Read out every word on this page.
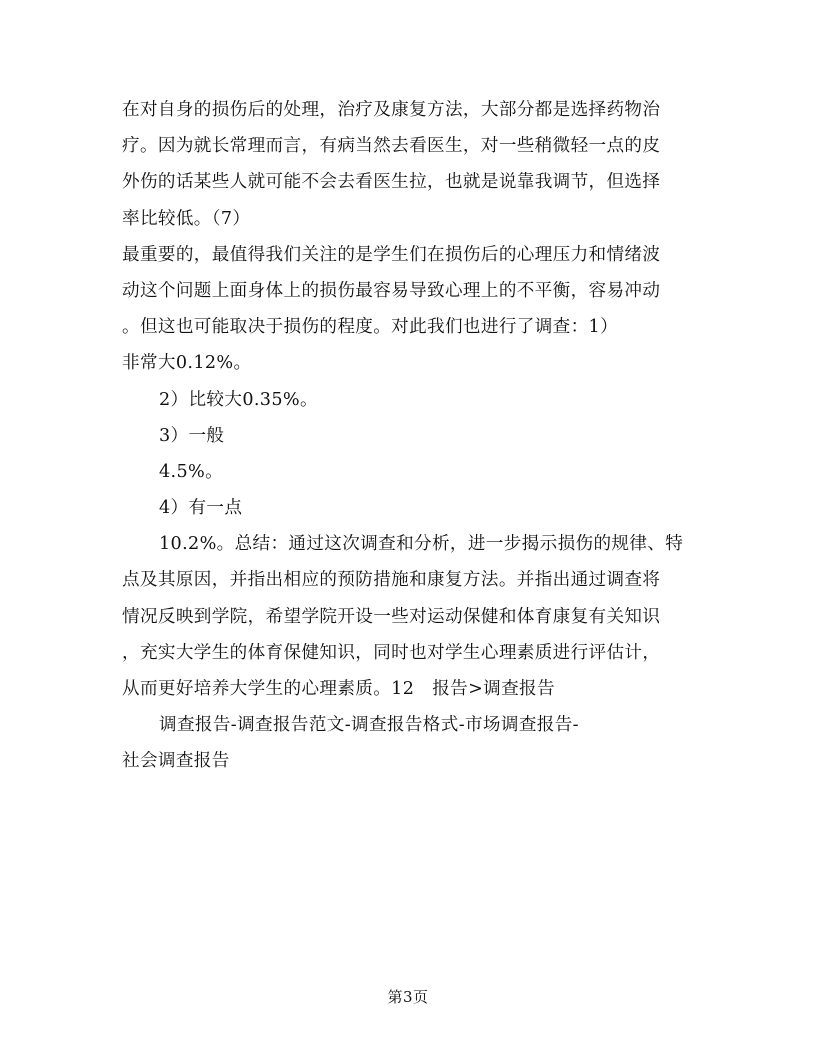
在对自身的损伤后的处理，治疗及康复方法，大部分都是选择药物治
疗。因为就长常理而言，有病当然去看医生，对一些稍微轻一点的皮
外伤的话某些人就可能不会去看医生拉，也就是说靠我调节，但选择
率比较低。（7）
最重要的，最值得我们关注的是学生们在损伤后的心理压力和情绪波
动这个问题上面身体上的损伤最容易导致心理上的不平衡，容易冲动
。但这也可能取决于损伤的程度。对此我们也进行了调查：1）
非常大0.12%。
2）比较大0.35%。
3）一般
4.5%。
4）有一点
10.2%。总结：通过这次调查和分析，进一步揭示损伤的规律、特
点及其原因，并指出相应的预防措施和康复方法。并指出通过调查将
情况反映到学院，希望学院开设一些对运动保健和体育康复有关知识
，充实大学生的体育保健知识，同时也对学生心理素质进行评估计，
从而更好培养大学生的心理素质。12　报告>调查报告
调查报告-调查报告范文-调查报告格式-市场调查报告-
社会调查报告
第3页
